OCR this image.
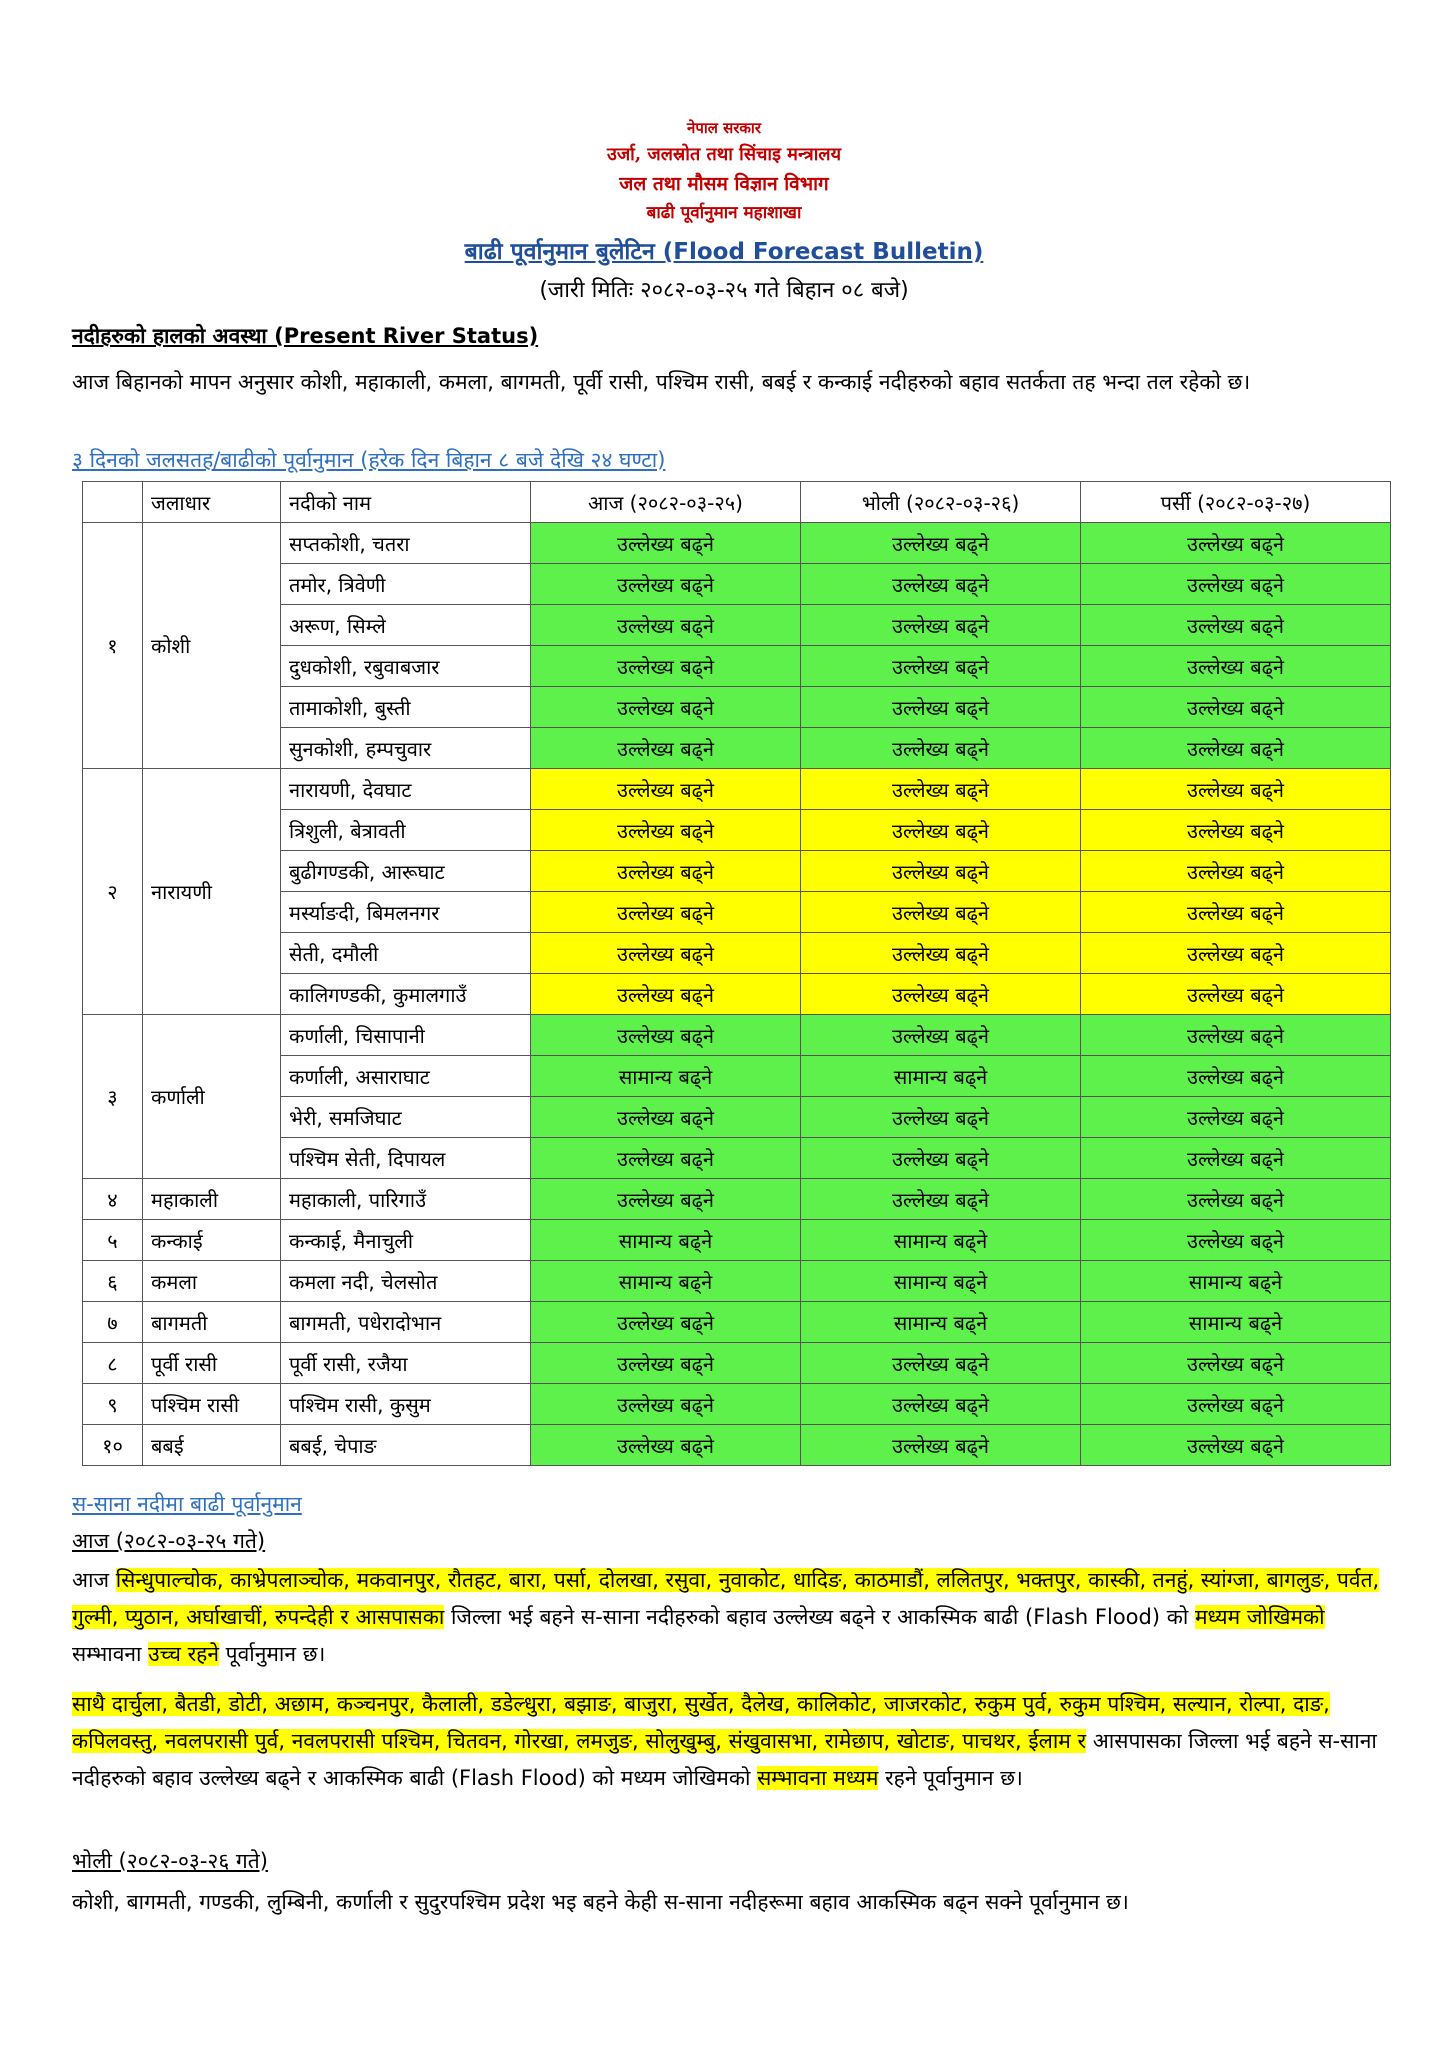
नेपाल सरकार
उर्जा, जलस्रोत तथा सिंचाइ मन्त्रालय
जल तथा मौसम विज्ञान विभाग
बाढी पूर्वानुमान महाशाखा
बाढी पूर्वानुमान बुलेटिन (Flood Forecast Bulletin)
(जारी मितिः २०८२-०३-२५ गते बिहान ०८ बजे)
नदीहरुको हालको अवस्था (Present River Status)
आज बिहानको मापन अनुसार कोशी, महाकाली, कमला, बागमती, पूर्वी रासी, पश्चिम रासी, बबई र कन्काई नदीहरुको बहाव सतर्कता तह भन्दा तल रहेको छ।
३ दिनको जलसतह/बाढीको पूर्वानुमान (हरेक दिन बिहान ८ बजे देखि २४ घण्टा)
	जलाधार	नदीको नाम	आज (२०८२-०३-२५)	भोली (२०८२-०३-२६)	पर्सी (२०८२-०३-२७)
१	कोशी	सप्तकोशी, चतरा	उल्लेख्य बढ्ने	उल्लेख्य बढ्ने	उल्लेख्य बढ्ने
		तमोर, त्रिवेणी	उल्लेख्य बढ्ने	उल्लेख्य बढ्ने	उल्लेख्य बढ्ने
		अरूण, सिम्ले	उल्लेख्य बढ्ने	उल्लेख्य बढ्ने	उल्लेख्य बढ्ने
		दुधकोशी, रबुवाबजार	उल्लेख्य बढ्ने	उल्लेख्य बढ्ने	उल्लेख्य बढ्ने
		तामाकोशी, बुस्ती	उल्लेख्य बढ्ने	उल्लेख्य बढ्ने	उल्लेख्य बढ्ने
		सुनकोशी, हम्पचुवार	उल्लेख्य बढ्ने	उल्लेख्य बढ्ने	उल्लेख्य बढ्ने
२	नारायणी	नारायणी, देवघाट	उल्लेख्य बढ्ने	उल्लेख्य बढ्ने	उल्लेख्य बढ्ने
		त्रिशुली, बेत्रावती	उल्लेख्य बढ्ने	उल्लेख्य बढ्ने	उल्लेख्य बढ्ने
		बुढीगण्डकी, आरूघाट	उल्लेख्य बढ्ने	उल्लेख्य बढ्ने	उल्लेख्य बढ्ने
		मर्स्याङदी, बिमलनगर	उल्लेख्य बढ्ने	उल्लेख्य बढ्ने	उल्लेख्य बढ्ने
		सेती, दमौली	उल्लेख्य बढ्ने	उल्लेख्य बढ्ने	उल्लेख्य बढ्ने
		कालिगण्डकी, कुमालगाउँ	उल्लेख्य बढ्ने	उल्लेख्य बढ्ने	उल्लेख्य बढ्ने
३	कर्णाली	कर्णाली, चिसापानी	उल्लेख्य बढ्ने	उल्लेख्य बढ्ने	उल्लेख्य बढ्ने
		कर्णाली, असाराघाट	सामान्य बढ्ने	सामान्य बढ्ने	उल्लेख्य बढ्ने
		भेरी, समजिघाट	उल्लेख्य बढ्ने	उल्लेख्य बढ्ने	उल्लेख्य बढ्ने
		पश्चिम सेती, दिपायल	उल्लेख्य बढ्ने	उल्लेख्य बढ्ने	उल्लेख्य बढ्ने
४	महाकाली	महाकाली, पारिगाउँ	उल्लेख्य बढ्ने	उल्लेख्य बढ्ने	उल्लेख्य बढ्ने
५	कन्काई	कन्काई, मैनाचुली	सामान्य बढ्ने	सामान्य बढ्ने	उल्लेख्य बढ्ने
६	कमला	कमला नदी, चेलसोत	सामान्य बढ्ने	सामान्य बढ्ने	सामान्य बढ्ने
७	बागमती	बागमती, पधेरादोभान	उल्लेख्य बढ्ने	सामान्य बढ्ने	सामान्य बढ्ने
८	पूर्वी रासी	पूर्वी रासी, रजैया	उल्लेख्य बढ्ने	उल्लेख्य बढ्ने	उल्लेख्य बढ्ने
९	पश्चिम रासी	पश्चिम रासी, कुसुम	उल्लेख्य बढ्ने	उल्लेख्य बढ्ने	उल्लेख्य बढ्ने
१०	बबई	बबई, चेपाङ	उल्लेख्य बढ्ने	उल्लेख्य बढ्ने	उल्लेख्य बढ्ने
स-साना नदीमा बाढी पूर्वानुमान
आज (२०८२-०३-२५ गते)
आज सिन्धुपाल्चोक, काभ्रेपलाञ्चोक, मकवानपुर, रौतहट, बारा, पर्सा, दोलखा, रसुवा, नुवाकोट, धादिङ, काठमाडौं, ललितपुर, भक्तपुर, कास्की, तनहुं, स्यांग्जा, बागलुङ, पर्वत, गुल्मी, प्युठान, अर्घाखाचीं, रुपन्देही र आसपासका जिल्ला भई बहने स-साना नदीहरुको बहाव उल्लेख्य बढ्ने र आकस्मिक बाढी (Flash Flood) को मध्यम जोखिमको सम्भावना उच्च रहने पूर्वानुमान छ।
साथै दार्चुला, बैतडी, डोटी, अछाम, कञ्चनपुर, कैलाली, डडेल्धुरा, बझाङ, बाजुरा, सुर्खेत, दैलेख, कालिकोट, जाजरकोट, रुकुम पुर्व, रुकुम पश्चिम, सल्यान, रोल्पा, दाङ, कपिलवस्तु, नवलपरासी पुर्व, नवलपरासी पश्चिम, चितवन, गोरखा, लमजुङ, सोलुखुम्बु, संखुवासभा, रामेछाप, खोटाङ, पाचथर, ईलाम र आसपासका जिल्ला भई बहने स-साना नदीहरुको बहाव उल्लेख्य बढ्ने र आकस्मिक बाढी (Flash Flood) को मध्यम जोखिमको सम्भावना मध्यम रहने पूर्वानुमान छ।
भोली (२०८२-०३-२६ गते)
कोशी, बागमती, गण्डकी, लुम्बिनी, कर्णाली र सुदुरपश्चिम प्रदेश भइ बहने केही स-साना नदीहरूमा बहाव आकस्मिक बढ्न सक्ने पूर्वानुमान छ।
